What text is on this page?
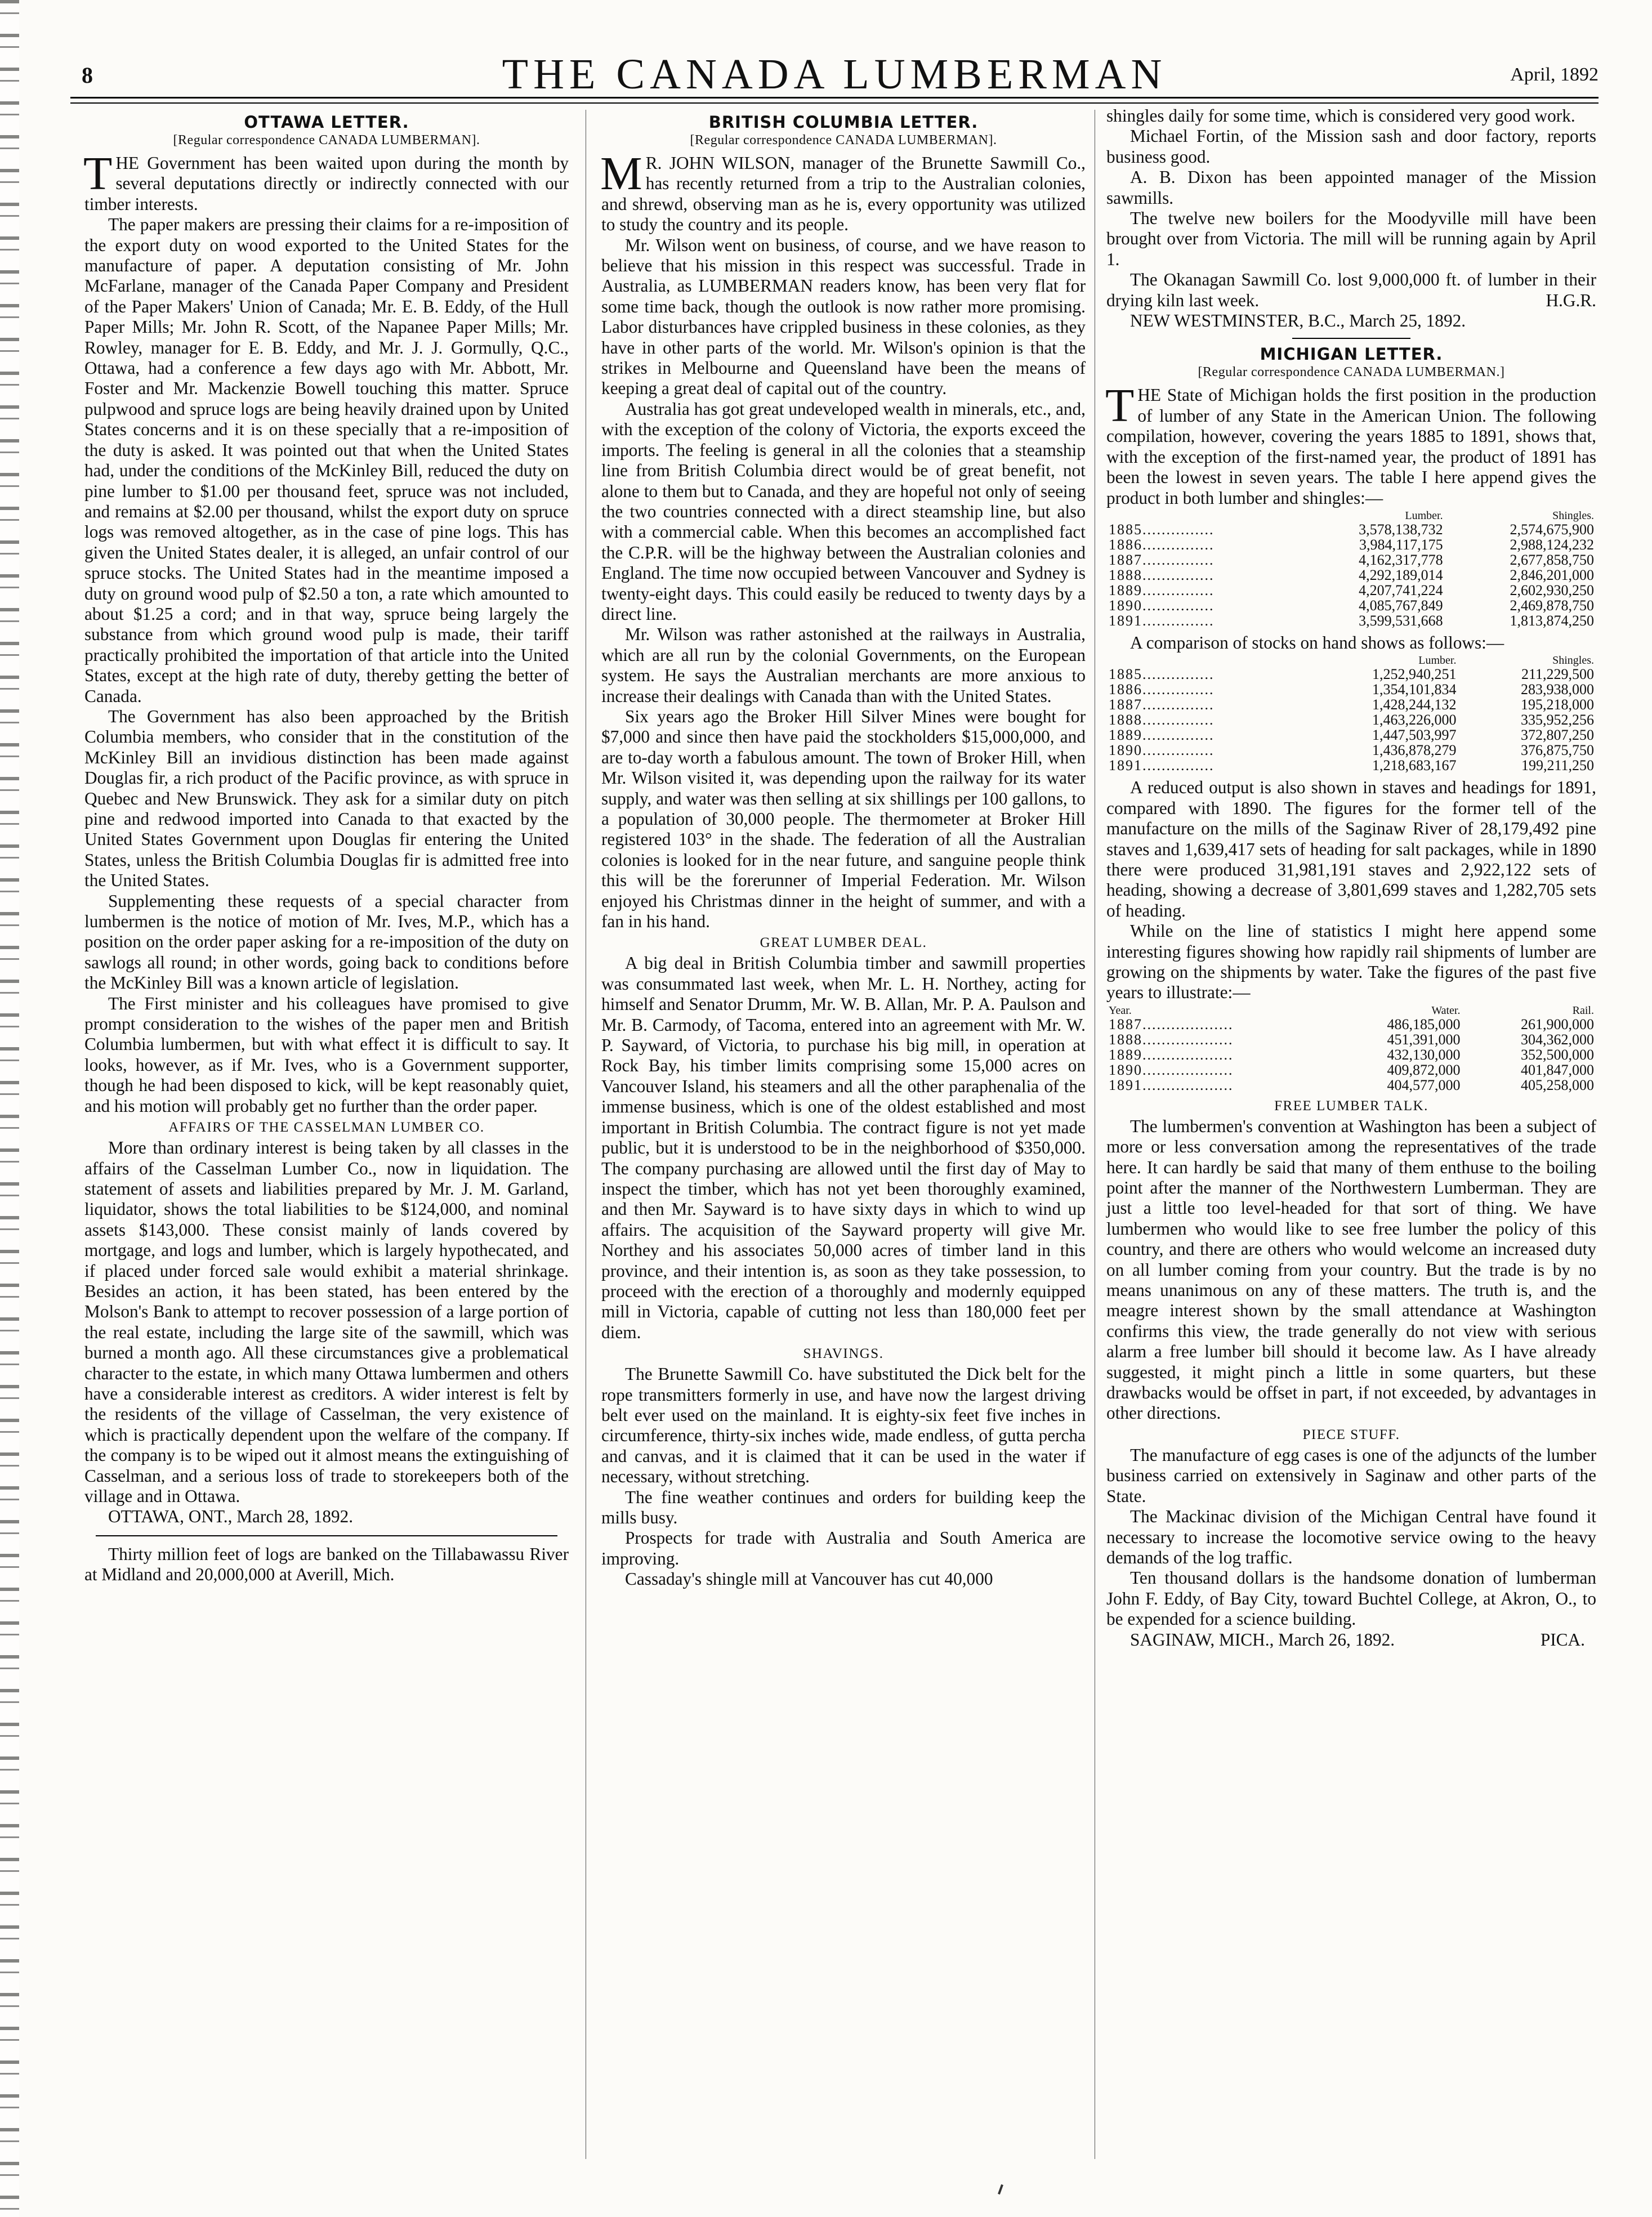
8	THE CANADA LUMBERMAN	April, 1892
OTTAWA LETTER.
[Regular correspondence CANADA LUMBERMAN].

THE Government has been waited upon during the month by several deputations directly or indirectly connected with our timber interests.

The paper makers are pressing their claims for a re-imposition of the export duty on wood exported to the United States for the manufacture of paper. A deputation consisting of Mr. John McFarlane, manager of the Canada Paper Company and President of the Paper Makers' Union of Canada; Mr. E. B. Eddy, of the Hull Paper Mills; Mr. John R. Scott, of the Napanee Paper Mills; Mr. Rowley, manager for E. B. Eddy, and Mr. J. J. Gormully, Q.C., Ottawa, had a conference a few days ago with Mr. Abbott, Mr. Foster and Mr. Mackenzie Bowell touching this matter. Spruce pulpwood and spruce logs are being heavily drained upon by United States concerns and it is on these specially that a re-imposition of the duty is asked. It was pointed out that when the United States had, under the conditions of the McKinley Bill, reduced the duty on pine lumber to $1.00 per thousand feet, spruce was not included, and remains at $2.00 per thousand, whilst the export duty on spruce logs was removed altogether, as in the case of pine logs. This has given the United States dealer, it is alleged, an unfair control of our spruce stocks. The United States had in the meantime imposed a duty on ground wood pulp of $2.50 a ton, a rate which amounted to about $1.25 a cord; and in that way, spruce being largely the substance from which ground wood pulp is made, their tariff practically prohibited the importation of that article into the United States, except at the high rate of duty, thereby getting the better of Canada.

The Government has also been approached by the British Columbia members, who consider that in the constitution of the McKinley Bill an invidious distinction has been made against Douglas fir, a rich product of the Pacific province, as with spruce in Quebec and New Brunswick. They ask for a similar duty on pitch pine and redwood imported into Canada to that exacted by the United States Government upon Douglas fir entering the United States, unless the British Columbia Douglas fir is admitted free into the United States.

Supplementing these requests of a special character from lumbermen is the notice of motion of Mr. Ives, M.P., which has a position on the order paper asking for a re-imposition of the duty on sawlogs all round; in other words, going back to conditions before the McKinley Bill was a known article of legislation.

The First minister and his colleagues have promised to give prompt consideration to the wishes of the paper men and British Columbia lumbermen, but with what effect it is difficult to say. It looks, however, as if Mr. Ives, who is a Government supporter, though he had been disposed to kick, will be kept reasonably quiet, and his motion will probably get no further than the order paper.

AFFAIRS OF THE CASSELMAN LUMBER CO.

More than ordinary interest is being taken by all classes in the affairs of the Casselman Lumber Co., now in liquidation. The statement of assets and liabilities prepared by Mr. J. M. Garland, liquidator, shows the total liabilities to be $124,000, and nominal assets $143,000. These consist mainly of lands covered by mortgage, and logs and lumber, which is largely hypothecated, and if placed under forced sale would exhibit a material shrinkage. Besides an action, it has been stated, has been entered by the Molson's Bank to attempt to recover possession of a large portion of the real estate, including the large site of the sawmill, which was burned a month ago. All these circumstances give a problematical character to the estate, in which many Ottawa lumbermen and others have a considerable interest as creditors. A wider interest is felt by the residents of the village of Casselman, the very existence of which is practically dependent upon the welfare of the company. If the company is to be wiped out it almost means the extinguishing of Casselman, and a serious loss of trade to storekeepers both of the village and in Ottawa.

OTTAWA, ONT., March 28, 1892.

Thirty million feet of logs are banked on the Tillabawassu River at Midland and 20,000,000 at Averill, Mich.

BRITISH COLUMBIA LETTER.
[Regular correspondence CANADA LUMBERMAN].

M R. JOHN WILSON, manager of the Brunette Sawmill Co., has recently returned from a trip to the Australian colonies, and shrewd, observing man as he is, every opportunity was utilized to study the country and its people.

Mr. Wilson went on business, of course, and we have reason to believe that his mission in this respect was successful. Trade in Australia, as LUMBERMAN readers know, has been very flat for some time back, though the outlook is now rather more promising. Labor disturbances have crippled business in these colonies, as they have in other parts of the world. Mr. Wilson's opinion is that the strikes in Melbourne and Queensland have been the means of keeping a great deal of capital out of the country.

Australia has got great undeveloped wealth in minerals, etc., and, with the exception of the colony of Victoria, the exports exceed the imports. The feeling is general in all the colonies that a steamship line from British Columbia direct would be of great benefit, not alone to them but to Canada, and they are hopeful not only of seeing the two countries connected with a direct steamship line, but also with a commercial cable. When this becomes an accomplished fact the C.P.R. will be the highway between the Australian colonies and England. The time now occupied between Vancouver and Sydney is twenty-eight days. This could easily be reduced to twenty days by a direct line.

Mr. Wilson was rather astonished at the railways in Australia, which are all run by the colonial Governments, on the European system. He says the Australian merchants are more anxious to increase their dealings with Canada than with the United States.

Six years ago the Broker Hill Silver Mines were bought for $7,000 and since then have paid the stockholders $15,000,000, and are to-day worth a fabulous amount. The town of Broker Hill, when Mr. Wilson visited it, was depending upon the railway for its water supply, and water was then selling at six shillings per 100 gallons, to a population of 30,000 people. The thermometer at Broker Hill registered 103° in the shade. The federation of all the Australian colonies is looked for in the near future, and sanguine people think this will be the forerunner of Imperial Federation. Mr. Wilson enjoyed his Christmas dinner in the height of summer, and with a fan in his hand.

GREAT LUMBER DEAL.

A big deal in British Columbia timber and sawmill properties was consummated last week, when Mr. L. H. Northey, acting for himself and Senator Drumm, Mr. W. B. Allan, Mr. P. A. Paulson and Mr. B. Carmody, of Tacoma, entered into an agreement with Mr. W. P. Sayward, of Victoria, to purchase his big mill, in operation at Rock Bay, his timber limits comprising some 15,000 acres on Vancouver Island, his steamers and all the other paraphenalia of the immense business, which is one of the oldest established and most important in British Columbia. The contract figure is not yet made public, but it is understood to be in the neighborhood of $350,000. The company purchasing are allowed until the first day of May to inspect the timber, which has not yet been thoroughly examined, and then Mr. Sayward is to have sixty days in which to wind up affairs. The acquisition of the Sayward property will give Mr. Northey and his associates 50,000 acres of timber land in this province, and their intention is, as soon as they take possession, to proceed with the erection of a thoroughly and modernly equipped mill in Victoria, capable of cutting not less than 180,000 feet per diem.

SHAVINGS.

The Brunette Sawmill Co. have substituted the Dick belt for the rope transmitters formerly in use, and have now the largest driving belt ever used on the mainland. It is eighty-six feet five inches in circumference, thirty-six inches wide, made endless, of gutta percha and canvas, and it is claimed that it can be used in the water if necessary, without stretching.

The fine weather continues and orders for building keep the mills busy.

Prospects for trade with Australia and South America are improving.

Cassaday's shingle mill at Vancouver has cut 40,000

shingles daily for some time, which is considered very good work.

Michael Fortin, of the Mission sash and door factory, reports business good.

A. B. Dixon has been appointed manager of the Mission sawmills.

The twelve new boilers for the Moodyville mill have been brought over from Victoria. The mill will be running again by April 1.

The Okanagan Sawmill Co. lost 9,000,000 ft. of lumber in their drying kiln last week.	H.G.R.

NEW WESTMINSTER, B.C., March 25, 1892.

MICHIGAN LETTER.
[Regular correspondence CANADA LUMBERMAN.]

THE State of Michigan holds the first position in the production of lumber of any State in the American Union. The following compilation, however, covering the years 1885 to 1891, shows that, with the exception of the first-named year, the product of 1891 has been the lowest in seven years. The table I here append gives the product in both lumber and shingles:—

	Lumber.	Shingles.
1885...............	3,578,138,732	2,574,675,900
1886...............	3,984,117,175	2,988,124,232
1887...............	4,162,317,778	2,677,858,750
1888...............	4,292,189,014	2,846,201,000
1889...............	4,207,741,224	2,602,930,250
1890...............	4,085,767,849	2,469,878,750
1891...............	3,599,531,668	1,813,874,250

A comparison of stocks on hand shows as follows:—

	Lumber.	Shingles.
1885...............	1,252,940,251	211,229,500
1886...............	1,354,101,834	283,938,000
1887...............	1,428,244,132	195,218,000
1888...............	1,463,226,000	335,952,256
1889...............	1,447,503,997	372,807,250
1890...............	1,436,878,279	376,875,750
1891...............	1,218,683,167	199,211,250

A reduced output is also shown in staves and headings for 1891, compared with 1890. The figures for the former tell of the manufacture on the mills of the Saginaw River of 28,179,492 pine staves and 1,639,417 sets of heading for salt packages, while in 1890 there were produced 31,981,191 staves and 2,922,122 sets of heading, showing a decrease of 3,801,699 staves and 1,282,705 sets of heading.

While on the line of statistics I might here append some interesting figures showing how rapidly rail shipments of lumber are growing on the shipments by water. Take the figures of the past five years to illustrate:—

Year.	Water.	Rail.
1887...................	486,185,000	261,900,000
1888...................	451,391,000	304,362,000
1889...................	432,130,000	352,500,000
1890...................	409,872,000	401,847,000
1891...................	404,577,000	405,258,000
FREE LUMBER TALK.

The lumbermen's convention at Washington has been a subject of more or less conversation among the representatives of the trade here. It can hardly be said that many of them enthuse to the boiling point after the manner of the Northwestern Lumberman. They are just a little too level-headed for that sort of thing. We have lumbermen who would like to see free lumber the policy of this country, and there are others who would welcome an increased duty on all lumber coming from your country. But the trade is by no means unanimous on any of these matters. The truth is, and the meagre interest shown by the small attendance at Washington confirms this view, the trade generally do not view with serious alarm a free lumber bill should it become law. As I have already suggested, it might pinch a little in some quarters, but these drawbacks would be offset in part, if not exceeded, by advantages in other directions.

PIECE STUFF.

The manufacture of egg cases is one of the adjuncts of the lumber business carried on extensively in Saginaw and other parts of the State.

The Mackinac division of the Michigan Central have found it necessary to increase the locomotive service owing to the heavy demands of the log traffic.

Ten thousand dollars is the handsome donation of lumberman John F. Eddy, of Bay City, toward Buchtel College, at Akron, O., to be expended for a science building.

SAGINAW, MICH., March 26, 1892.	PICA.
